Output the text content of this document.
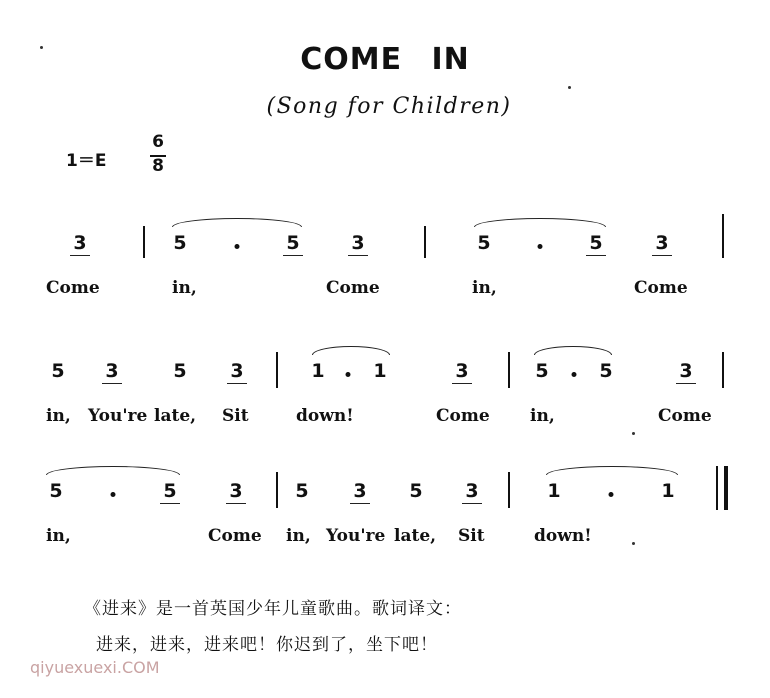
COME IN
(Song for Children)
1＝E
6
8
3	5	5	3	5	5	3
Come	in,	Come	in,	Come
5 3	5 3	1	1	3	5	5	3
in, You're late, Sit	down!	Come in,	Come
5	5	3	5 3 5 3	1	1
in,	Come in, You're late, Sit	down!
《进来》是一首英国少年儿童歌曲。歌词译文：
进来，进来，进来吧！你迟到了，坐下吧！
qiyuexuexi.COM
